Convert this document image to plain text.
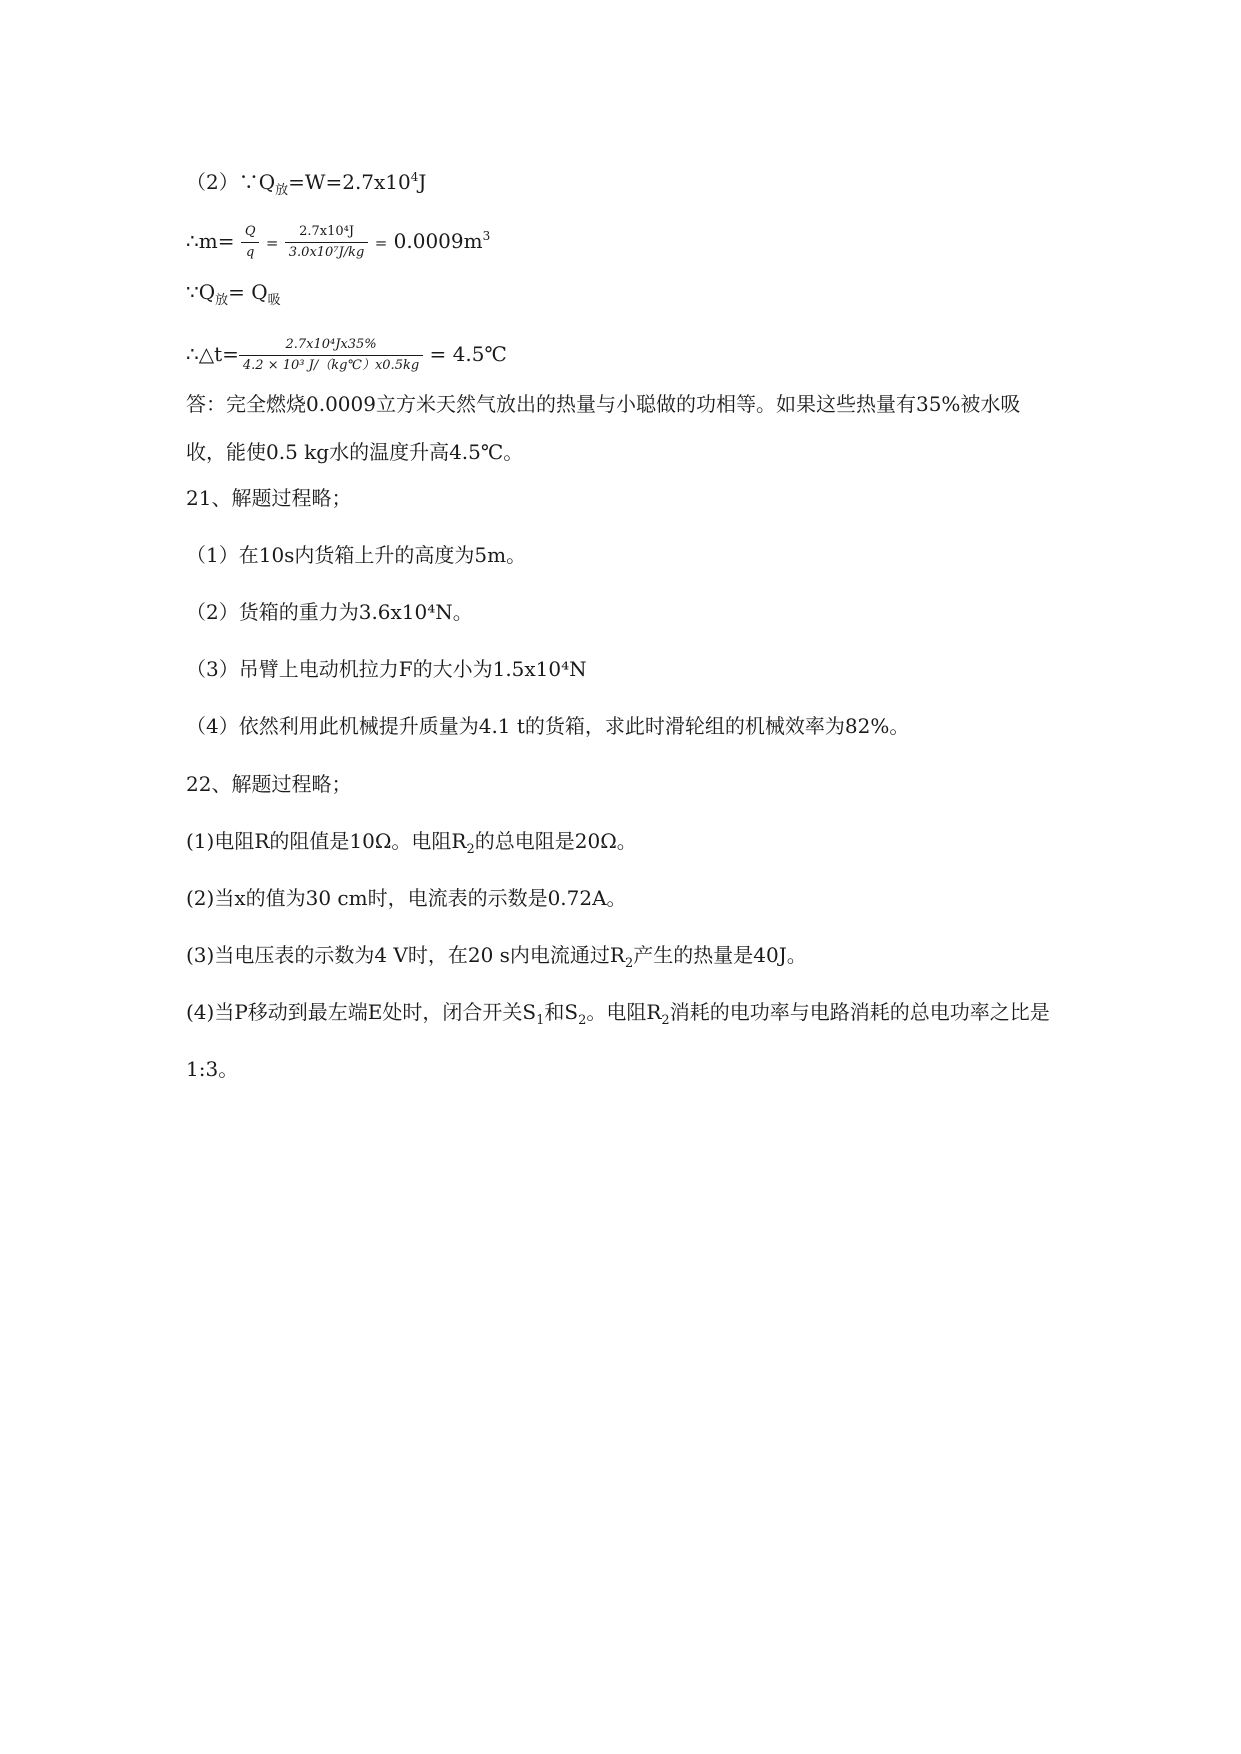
$(2)\because Q_放=W=2.7x10^4J$
∴m= $\frac{Q}{q} = \frac{\text{2.7x10⁴J}}{\text{3.0x10⁷J/kg}} = 0.0009m^3$
$\because Q_放= Q_吸$
∴△t= $\frac{\text{2.7x10⁴Jx35\%}}{\text{4.2 × 10³ J/（kg℃）x0.5kg}}$ = 4.5℃
答：完全燃烧0.0009立方米天然气放出的热量与小聪做的功相等。如果这些热量有35%被水吸收，能使0.5 kg水的温度升高4.5℃。
21、解题过程略；
（1）在10s内货箱上升的高度为5m。
（2）货箱的重力为3.6x10⁴N。
（3）吊臂上电动机拉力F的大小为1.5x10⁴N
（4）依然利用此机械提升质量为4.1 t的货箱，求此时滑轮组的机械效率为82%。
22、解题过程略；
(1)电阻R的阻值是10Ω。电阻$R_2$的总电阻是20Ω。
(2)当x的值为30 cm时，电流表的示数是0.72A。
(3)当电压表的示数为4 V时，在20 s内电流通过$R_2$产生的热量是40J。
(4)当P移动到最左端E处时，闭合开关$S_1$和$S_2$。电阻$R_2$消耗的电功率与电路消耗的总电功率之比是1:3。
